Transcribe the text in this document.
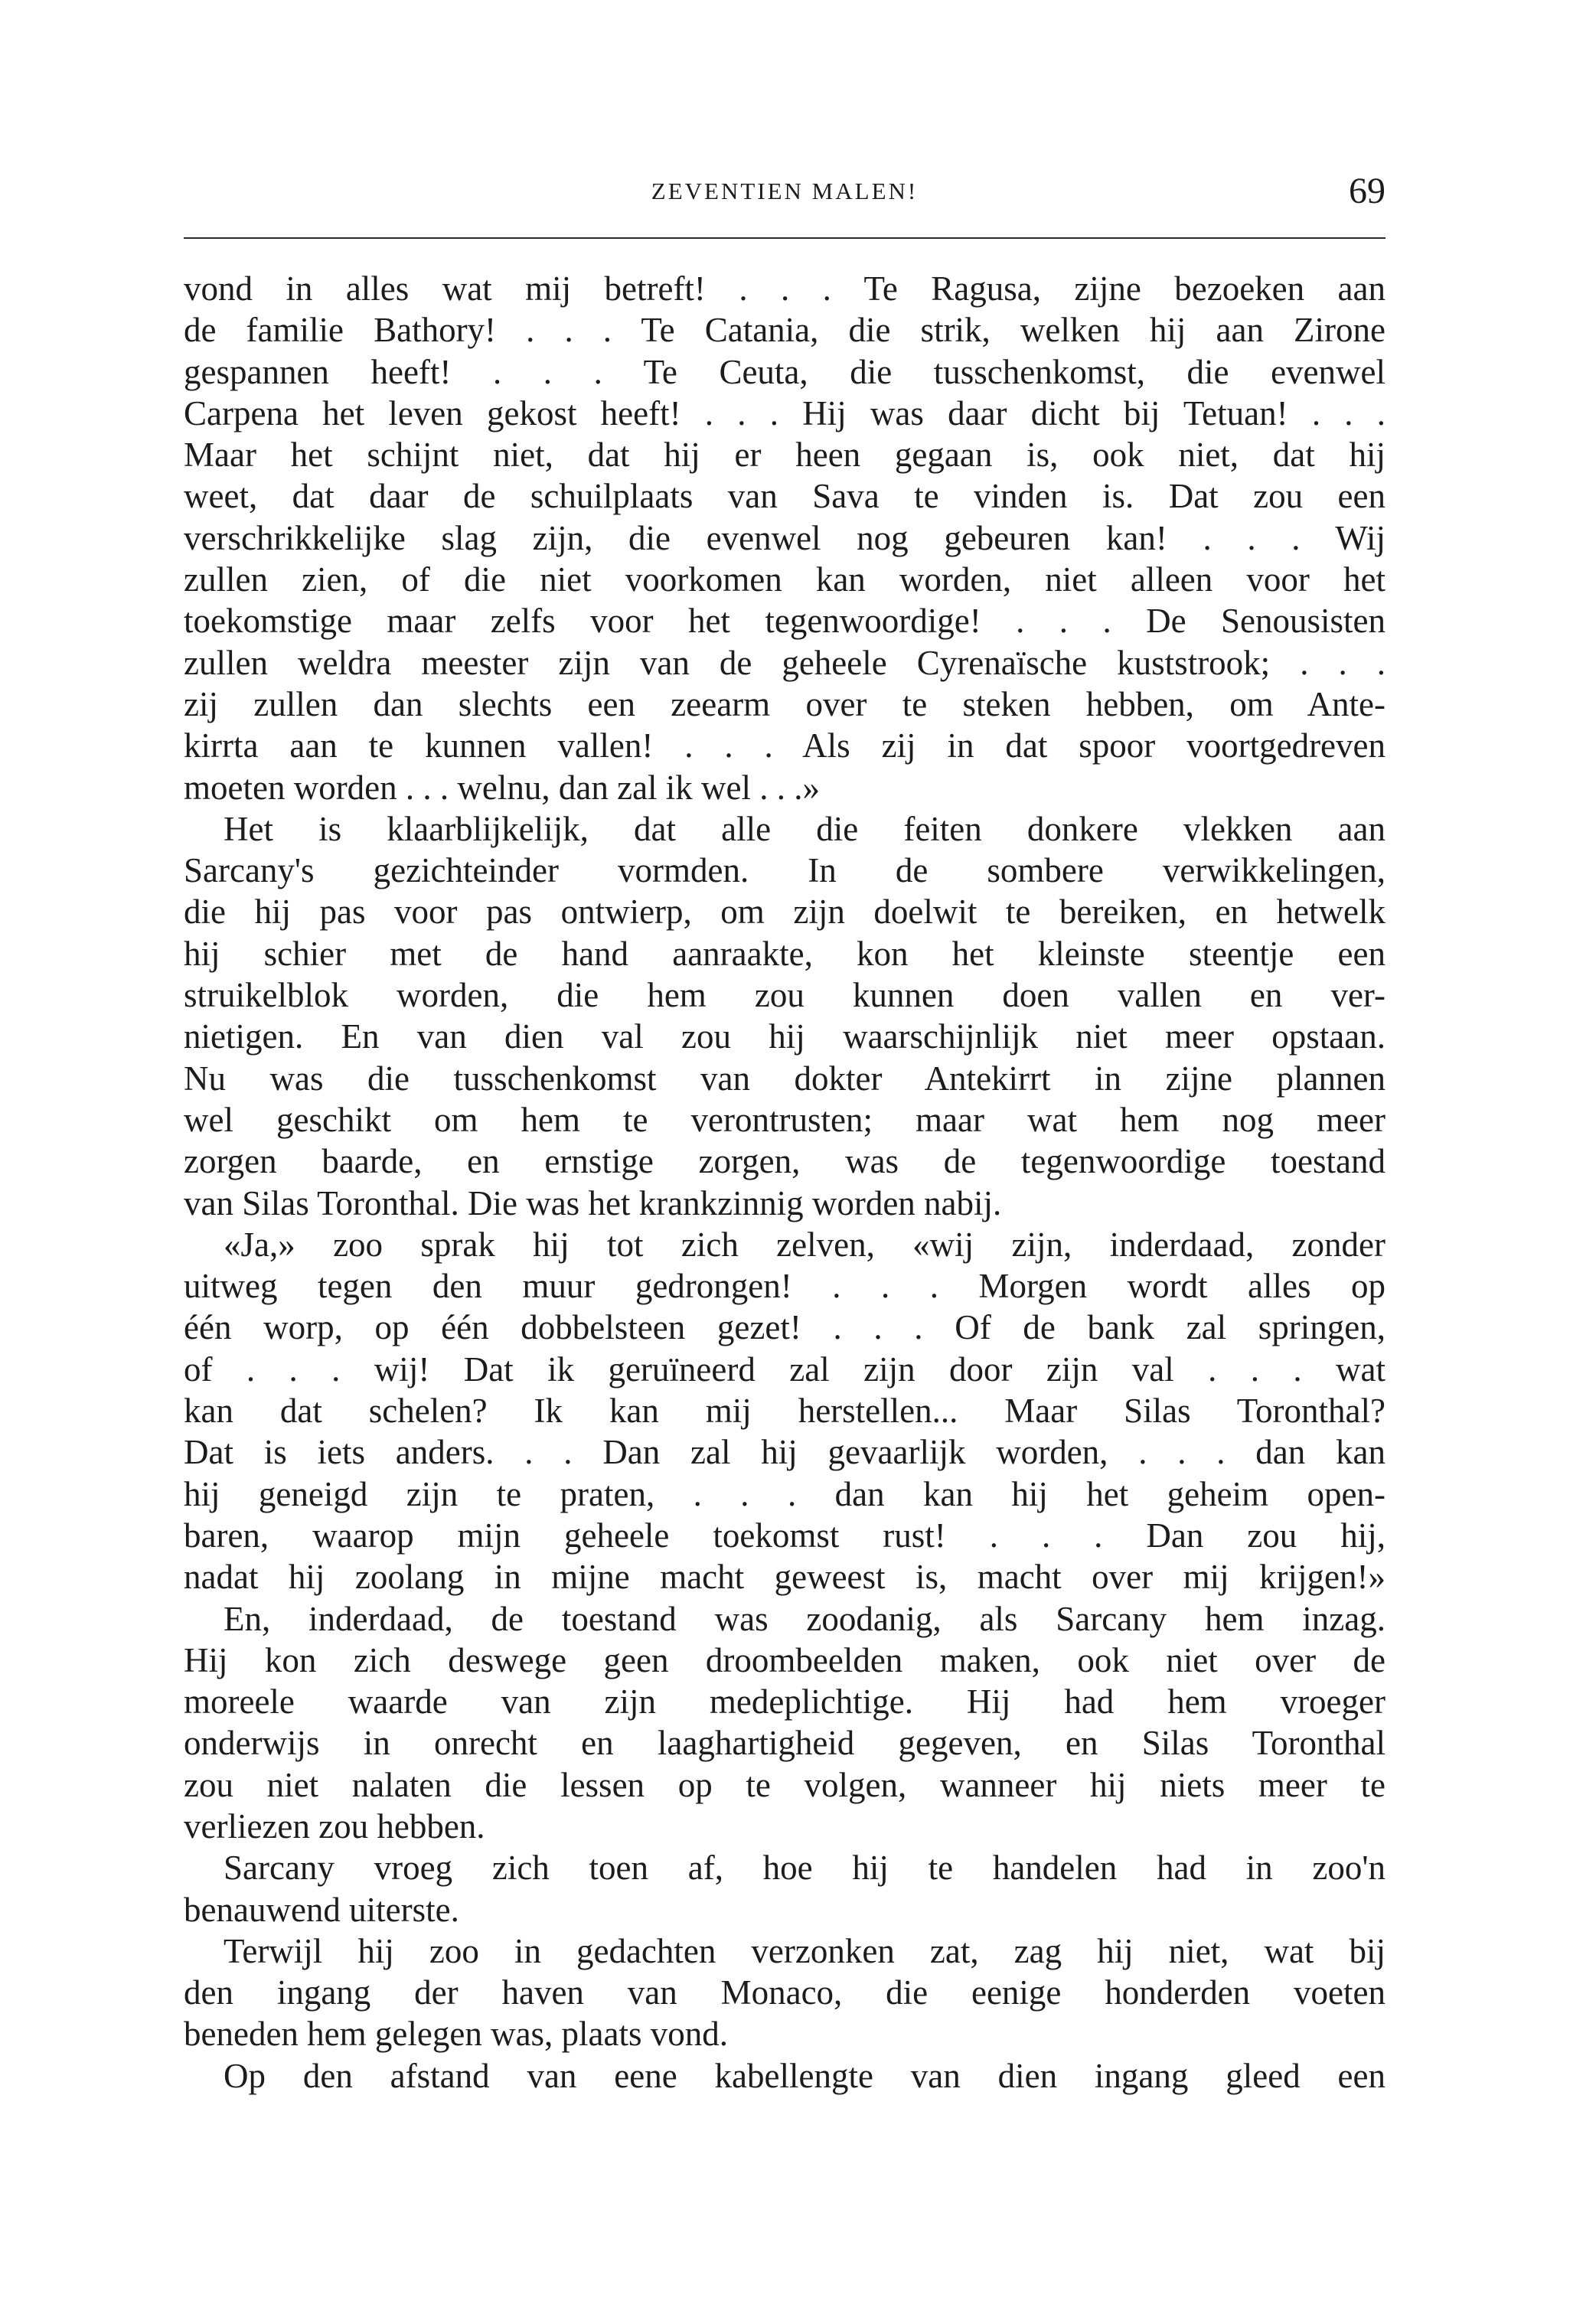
ZEVENTIEN MALEN!	69
vond in alles wat mij betreft! . . . Te Ragusa, zijne bezoeken aan
de familie Bathory! . . . Te Catania, die strik, welken hij aan Zirone
gespannen heeft! . . . Te Ceuta, die tusschenkomst, die evenwel
Carpena het leven gekost heeft! . . . Hij was daar dicht bij Tetuan! . . .
Maar het schijnt niet, dat hij er heen gegaan is, ook niet, dat hij
weet, dat daar de schuilplaats van Sava te vinden is. Dat zou een
verschrikkelijke slag zijn, die evenwel nog gebeuren kan! . . . Wij
zullen zien, of die niet voorkomen kan worden, niet alleen voor het
toekomstige maar zelfs voor het tegenwoordige! . . . De Senousisten
zullen weldra meester zijn van de geheele Cyrenaïsche kuststrook; . . .
zij zullen dan slechts een zeearm over te steken hebben, om Ante-
kirrta aan te kunnen vallen! . . . Als zij in dat spoor voortgedreven
moeten worden . . . welnu, dan zal ik wel . . .»
Het is klaarblijkelijk, dat alle die feiten donkere vlekken aan
Sarcany's gezichteinder vormden. In de sombere verwikkelingen,
die hij pas voor pas ontwierp, om zijn doelwit te bereiken, en hetwelk
hij schier met de hand aanraakte, kon het kleinste steentje een
struikelblok worden, die hem zou kunnen doen vallen en ver-
nietigen. En van dien val zou hij waarschijnlijk niet meer opstaan.
Nu was die tusschenkomst van dokter Antekirrt in zijne plannen
wel geschikt om hem te verontrusten; maar wat hem nog meer
zorgen baarde, en ernstige zorgen, was de tegenwoordige toestand
van Silas Toronthal. Die was het krankzinnig worden nabij.
«Ja,» zoo sprak hij tot zich zelven, «wij zijn, inderdaad, zonder
uitweg tegen den muur gedrongen! . . . Morgen wordt alles op
één worp, op één dobbelsteen gezet! . . . Of de bank zal springen,
of . . . wij! Dat ik geruïneerd zal zijn door zijn val . . . wat
kan dat schelen? Ik kan mij herstellen... Maar Silas Toronthal?
Dat is iets anders. . . Dan zal hij gevaarlijk worden, . . . dan kan
hij geneigd zijn te praten, . . . dan kan hij het geheim open-
baren, waarop mijn geheele toekomst rust! . . . Dan zou hij,
nadat hij zoolang in mijne macht geweest is, macht over mij krijgen!»
En, inderdaad, de toestand was zoodanig, als Sarcany hem inzag.
Hij kon zich deswege geen droombeelden maken, ook niet over de
moreele waarde van zijn medeplichtige. Hij had hem vroeger
onderwijs in onrecht en laaghartigheid gegeven, en Silas Toronthal
zou niet nalaten die lessen op te volgen, wanneer hij niets meer te
verliezen zou hebben.
Sarcany vroeg zich toen af, hoe hij te handelen had in zoo'n
benauwend uiterste.
Terwijl hij zoo in gedachten verzonken zat, zag hij niet, wat bij
den ingang der haven van Monaco, die eenige honderden voeten
beneden hem gelegen was, plaats vond.
Op den afstand van eene kabellengte van dien ingang gleed een
